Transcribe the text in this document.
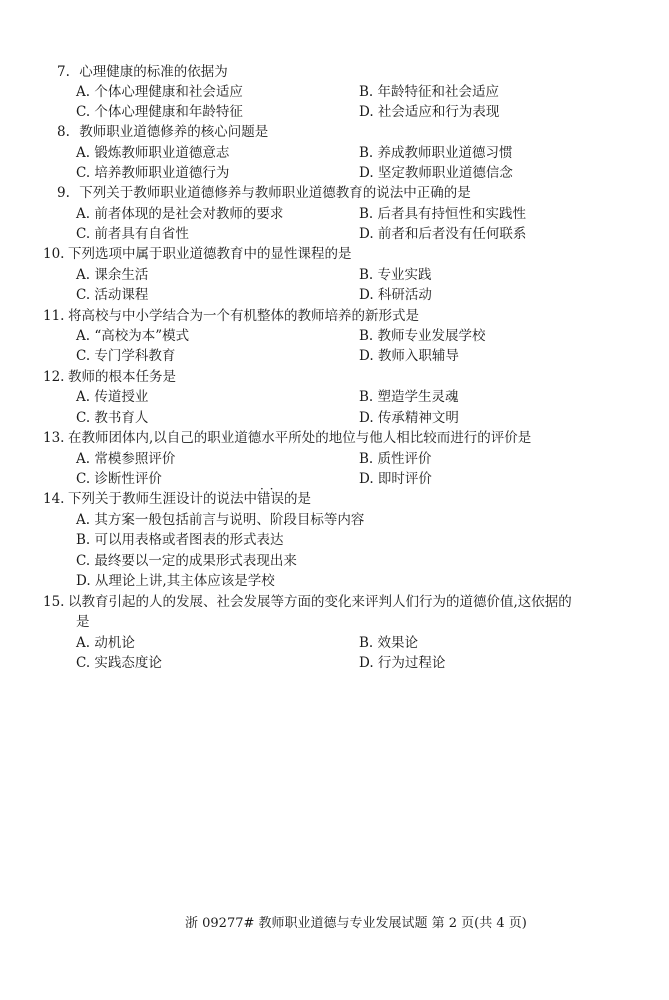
7. 心理健康的标准的依据为
A. 个体心理健康和社会适应	B. 年龄特征和社会适应
C. 个体心理健康和年龄特征	D. 社会适应和行为表现
8. 教师职业道德修养的核心问题是
A. 锻炼教师职业道德意志	B. 养成教师职业道德习惯
C. 培养教师职业道德行为	D. 坚定教师职业道德信念
9. 下列关于教师职业道德修养与教师职业道德教育的说法中正确的是
A. 前者体现的是社会对教师的要求	B. 后者具有持恒性和实践性
C. 前者具有自省性	D. 前者和后者没有任何联系
10. 下列选项中属于职业道德教育中的显性课程的是
A. 课余生活	B. 专业实践
C. 活动课程	D. 科研活动
11. 将高校与中小学结合为一个有机整体的教师培养的新形式是
A. “高校为本”模式	B. 教师专业发展学校
C. 专门学科教育	D. 教师入职辅导
12. 教师的根本任务是
A. 传道授业	B. 塑造学生灵魂
C. 教书育人	D. 传承精神文明
13. 在教师团体内,以自己的职业道德水平所处的地位与他人相比较而进行的评价是
A. 常模参照评价	B. 质性评价
C. 诊断性评价	D. 即时评价
14. 下列关于教师生涯设计的说法中错误 · ·的是
A. 其方案一般包括前言与说明、阶段目标等内容
B. 可以用表格或者图表的形式表达
C. 最终要以一定的成果形式表现出来
D. 从理论上讲,其主体应该是学校
15. 以教育引起的人的发展、社会发展等方面的变化来评判人们行为的道德价值,这依据的
是
A. 动机论	B. 效果论
C. 实践态度论	D. 行为过程论
浙 09277# 教师职业道德与专业发展试题 第 2 页(共 4 页)
